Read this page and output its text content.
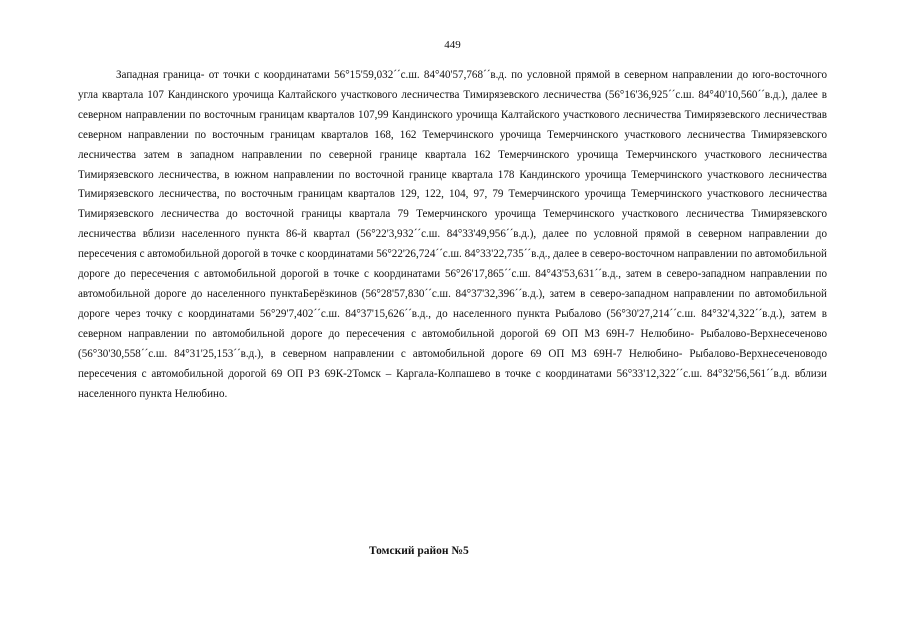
449

Западная граница- от точки с координатами 56°15'59,032´´с.ш. 84°40'57,768´´в.д. по условной прямой в северном направлении до юго-восточного угла квартала 107 Кандинского урочища Калтайского участкового лесничества Тимирязевского лесничества (56°16'36,925´´с.ш. 84°40'10,560´´в.д.), далее в северном направлении по восточным границам кварталов 107,99 Кандинского урочища Калтайского участкового лесничества Тимирязевского лесничествав северном направлении по восточным границам кварталов 168, 162 Темерчинского урочища Темерчинского участкового лесничества Тимирязевского лесничества затем в западном направлении по северной границе квартала 162 Темерчинского урочища Темерчинского участкового лесничества Тимирязевского лесничества, в южном направлении по восточной границе квартала 178 Кандинского урочища Темерчинского участкового лесничества Тимирязевского лесничества, по восточным границам кварталов 129, 122, 104, 97, 79 Темерчинского урочища Темерчинского участкового лесничества Тимирязевского лесничества до восточной границы квартала 79 Темерчинского урочища Темерчинского участкового лесничества Тимирязевского лесничества вблизи населенного пункта 86-й квартал (56°22'3,932´´с.ш. 84°33'49,956´´в.д.), далее по условной прямой в северном направлении до пересечения с автомобильной дорогой в точке с координатами 56°22'26,724´´с.ш. 84°33'22,735´´в.д., далее в северо-восточном направлении по автомобильной дороге до пересечения с автомобильной дорогой в точке с координатами 56°26'17,865´´с.ш. 84°43'53,631´´в.д., затем в северо-западном направлении по автомобильной дороге до населенного пунктаБерёзкинов (56°28'57,830´´с.ш. 84°37'32,396´´в.д.), затем в северо-западном направлении по автомобильной дороге через точку с координатами 56°29'7,402´´с.ш. 84°37'15,626´´в.д., до населенного пункта Рыбалово (56°30'27,214´´с.ш. 84°32'4,322´´в.д.), затем в северном направлении по автомобильной дороге до пересечения с автомобильной дорогой 69 ОП МЗ 69Н-7 Нелюбино- Рыбалово-Верхнесеченово (56°30'30,558´´с.ш. 84°31'25,153´´в.д.), в северном направлении с автомобильной дороге 69 ОП МЗ 69Н-7 Нелюбино- Рыбалово-Верхнесеченоводо пересечения с автомобильной дорогой 69 ОП РЗ 69К-2Томск – Каргала-Колпашево в точке с координатами 56°33'12,322´´с.ш. 84°32'56,561´´в.д. вблизи населенного пункта Нелюбино.

Томский район №5
